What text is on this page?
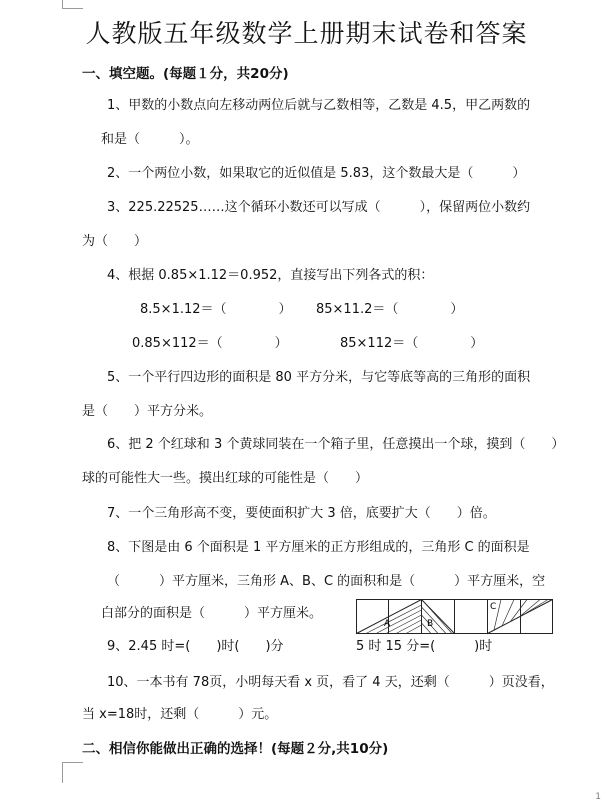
人教版五年级数学上册期末试卷和答案
一、填空题。(每题１分，共20分)
1、甲数的小数点向左移动两位后就与乙数相等，乙数是 4.5，甲乙两数的
和是（　　　）。
2、一个两位小数，如果取它的近似值是 5.83，这个数最大是（　　　）
3、225.22525……这个循环小数还可以写成（　　　），保留两位小数约
为（　　）
4、根据 0.85×1.12＝0.952，直接写出下列各式的积：
8.5×1.12＝（　　　　） 85×11.2＝（　　　　）
0.85×112＝（　　　　）	85×112＝（　　　　）
5、一个平行四边形的面积是 80 平方分米，与它等底等高的三角形的面积
是（　　）平方分米。
6、把 2 个红球和 3 个黄球同装在一个箱子里，任意摸出一个球，摸到（　　）
球的可能性大一些。摸出红球的可能性是（　　）
7、一个三角形高不变，要使面积扩大 3 倍，底要扩大（　　）倍。
8、下图是由 6 个面积是 1 平方厘米的正方形组成的，三角形 C 的面积是
（　　　）平方厘米，三角形 A、B、C 的面积和是（　　　）平方厘米，空
白部分的面积是（　　　）平方厘米。
A	B
C
9、2.45 时=(　　)时(　　)分	5 时 15 分=(　　　)时
10、一本书有 78页，小明每天看 x 页，看了 4 天，还剩（　　　）页没看，
当 x=18时，还剩（　　　）元。
二、相信你能做出正确的选择！(每题２分,共10分)
1
